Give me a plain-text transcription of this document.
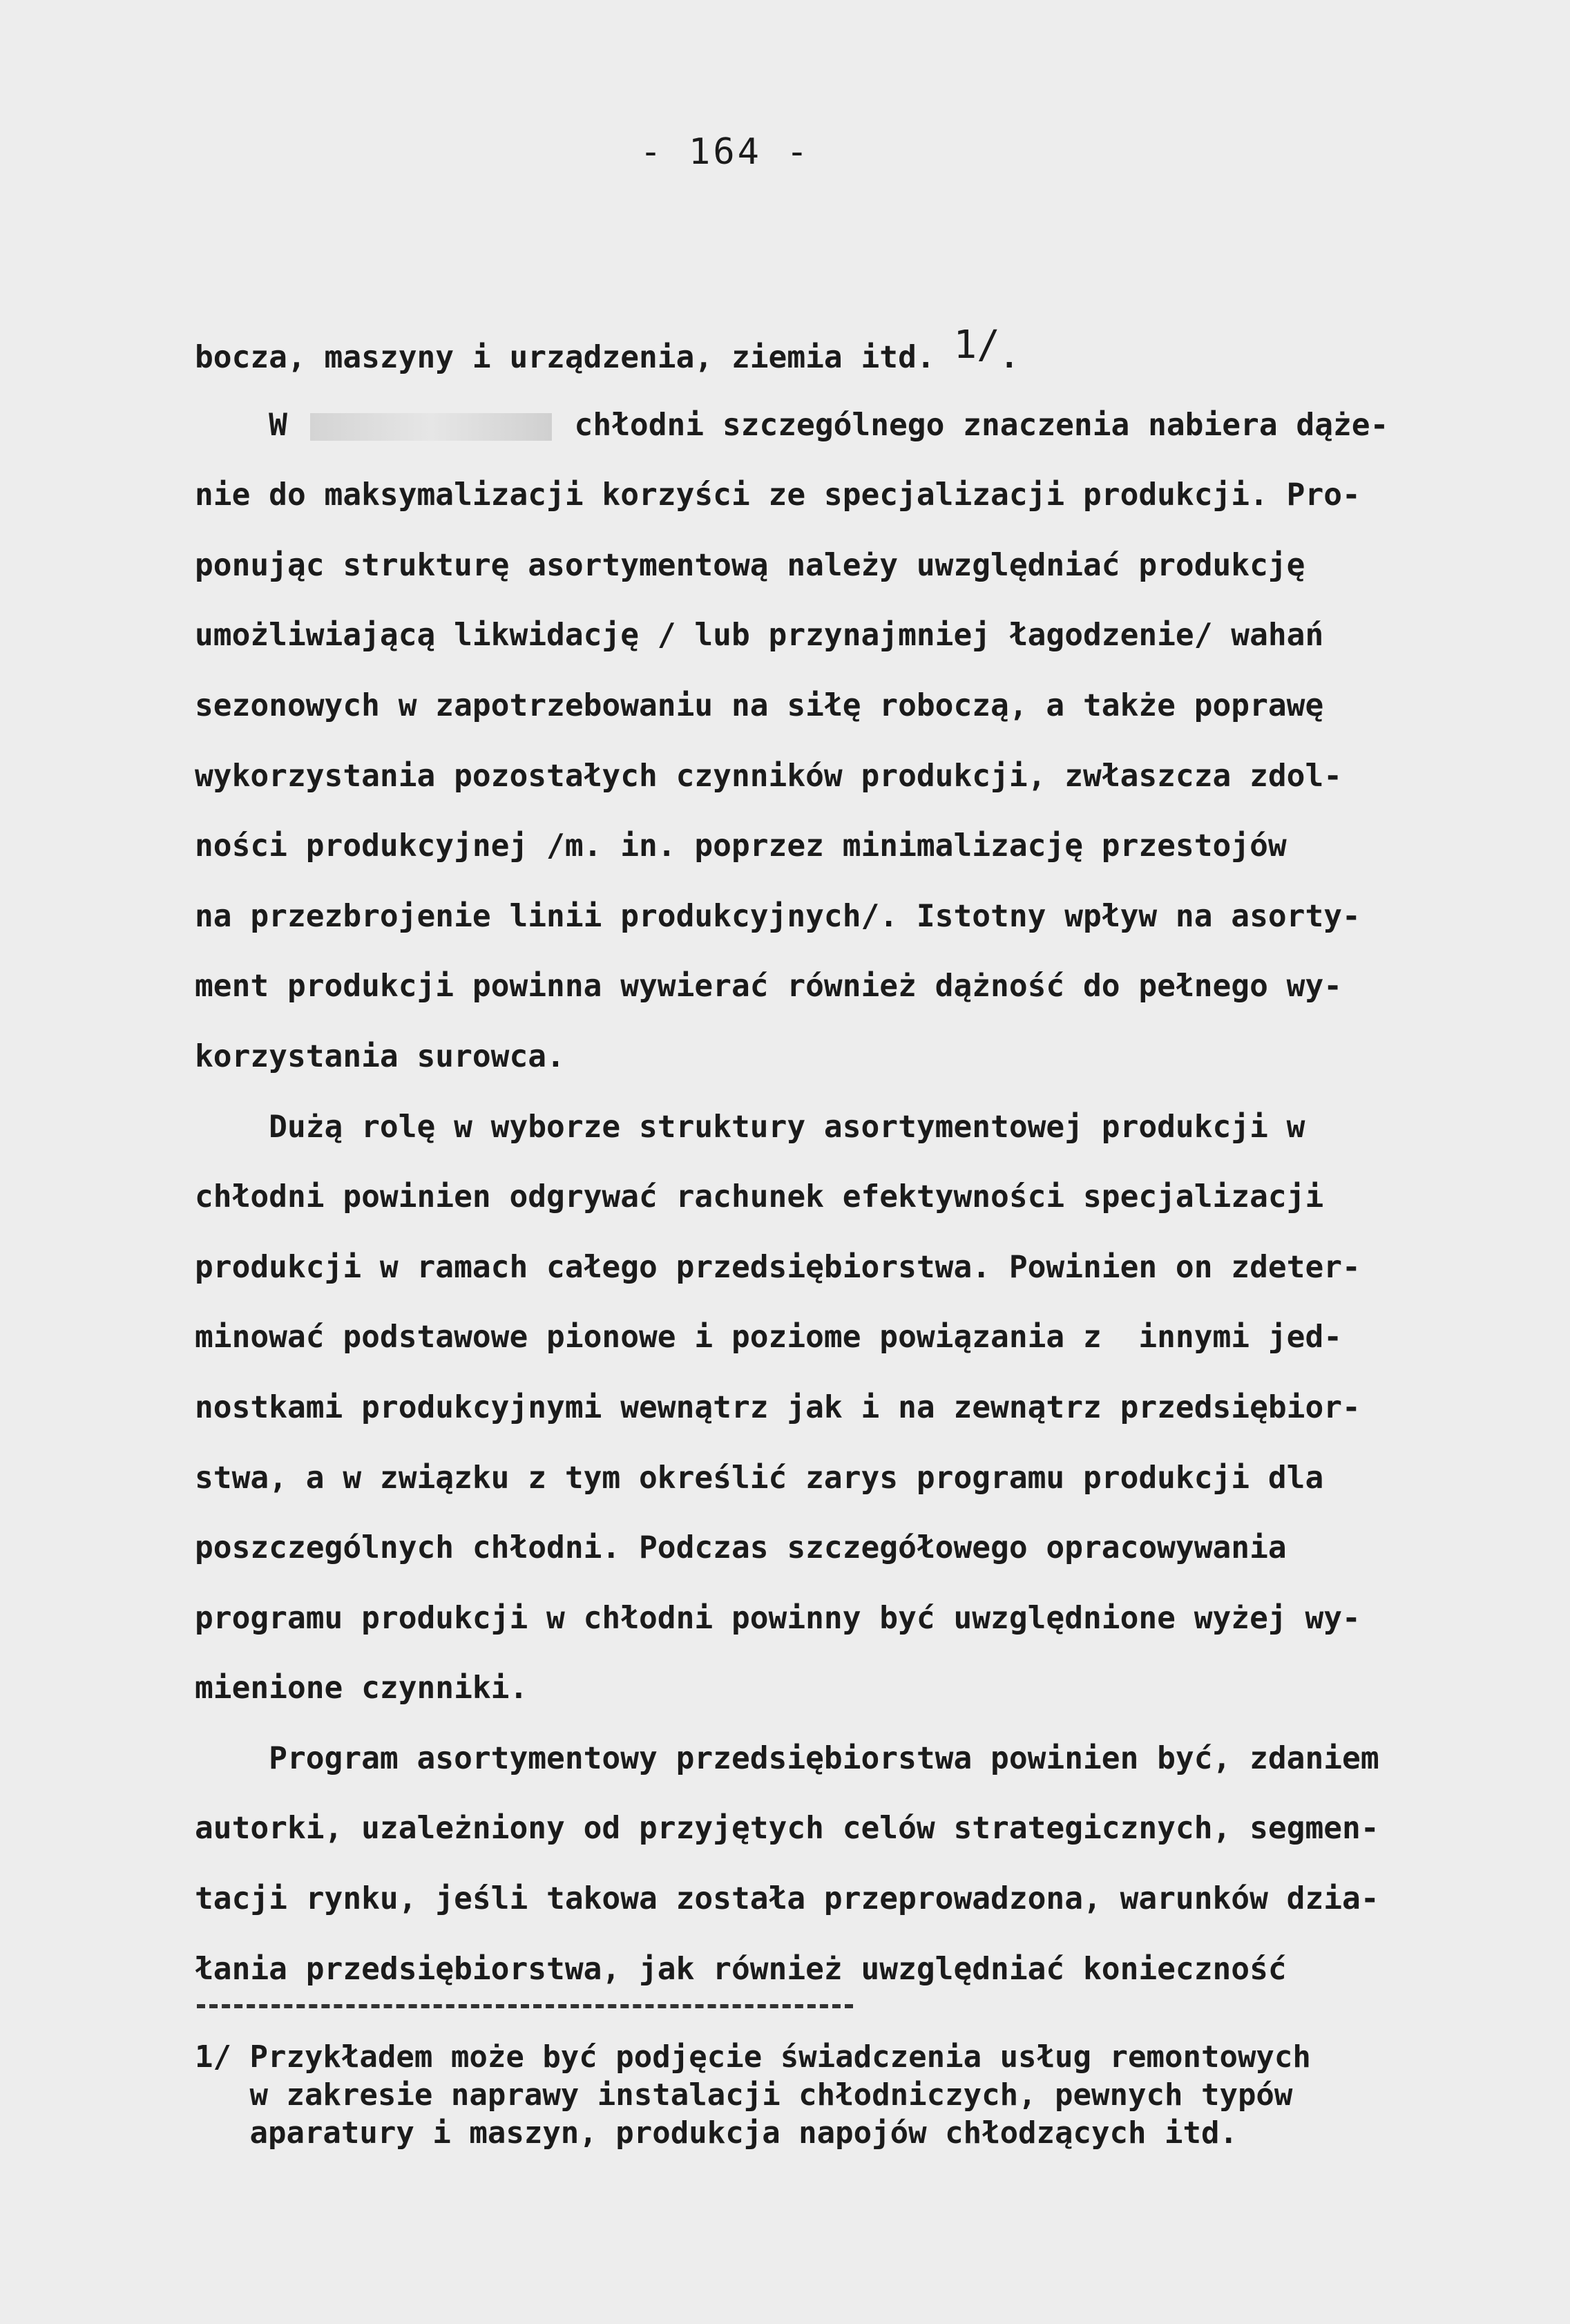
- 164 -
bocza, maszyny i urządzenia, ziemia itd. 1/.
W	chłodni szczególnego znaczenia nabiera dąże-
nie do maksymalizacji korzyści ze specjalizacji produkcji. Pro-
ponując strukturę asortymentową należy uwzględniać produkcję
umożliwiającą likwidację / lub przynajmniej łagodzenie/ wahań
sezonowych w zapotrzebowaniu na siłę roboczą, a także poprawę
wykorzystania pozostałych czynników produkcji, zwłaszcza zdol-
ności produkcyjnej /m. in. poprzez minimalizację przestojów
na przezbrojenie linii produkcyjnych/. Istotny wpływ na asorty-
ment produkcji powinna wywierać również dążność do pełnego wy-
korzystania surowca.
Dużą rolę w wyborze struktury asortymentowej produkcji w
chłodni powinien odgrywać rachunek efektywności specjalizacji
produkcji w ramach całego przedsiębiorstwa. Powinien on zdeter-
minować podstawowe pionowe i poziome powiązania z  innymi jed-
nostkami produkcyjnymi wewnątrz jak i na zewnątrz przedsiębior-
stwa, a w związku z tym określić zarys programu produkcji dla
poszczególnych chłodni. Podczas szczegółowego opracowywania
programu produkcji w chłodni powinny być uwzględnione wyżej wy-
mienione czynniki.
Program asortymentowy przedsiębiorstwa powinien być, zdaniem
autorki, uzależniony od przyjętych celów strategicznych, segmen-
tacji rynku, jeśli takowa została przeprowadzona, warunków dzia-
łania przedsiębiorstwa, jak również uwzględniać konieczność
1/ Przykładem może być podjęcie świadczenia usług remontowych
w zakresie naprawy instalacji chłodniczych, pewnych typów
aparatury i maszyn, produkcja napojów chłodzących itd.
